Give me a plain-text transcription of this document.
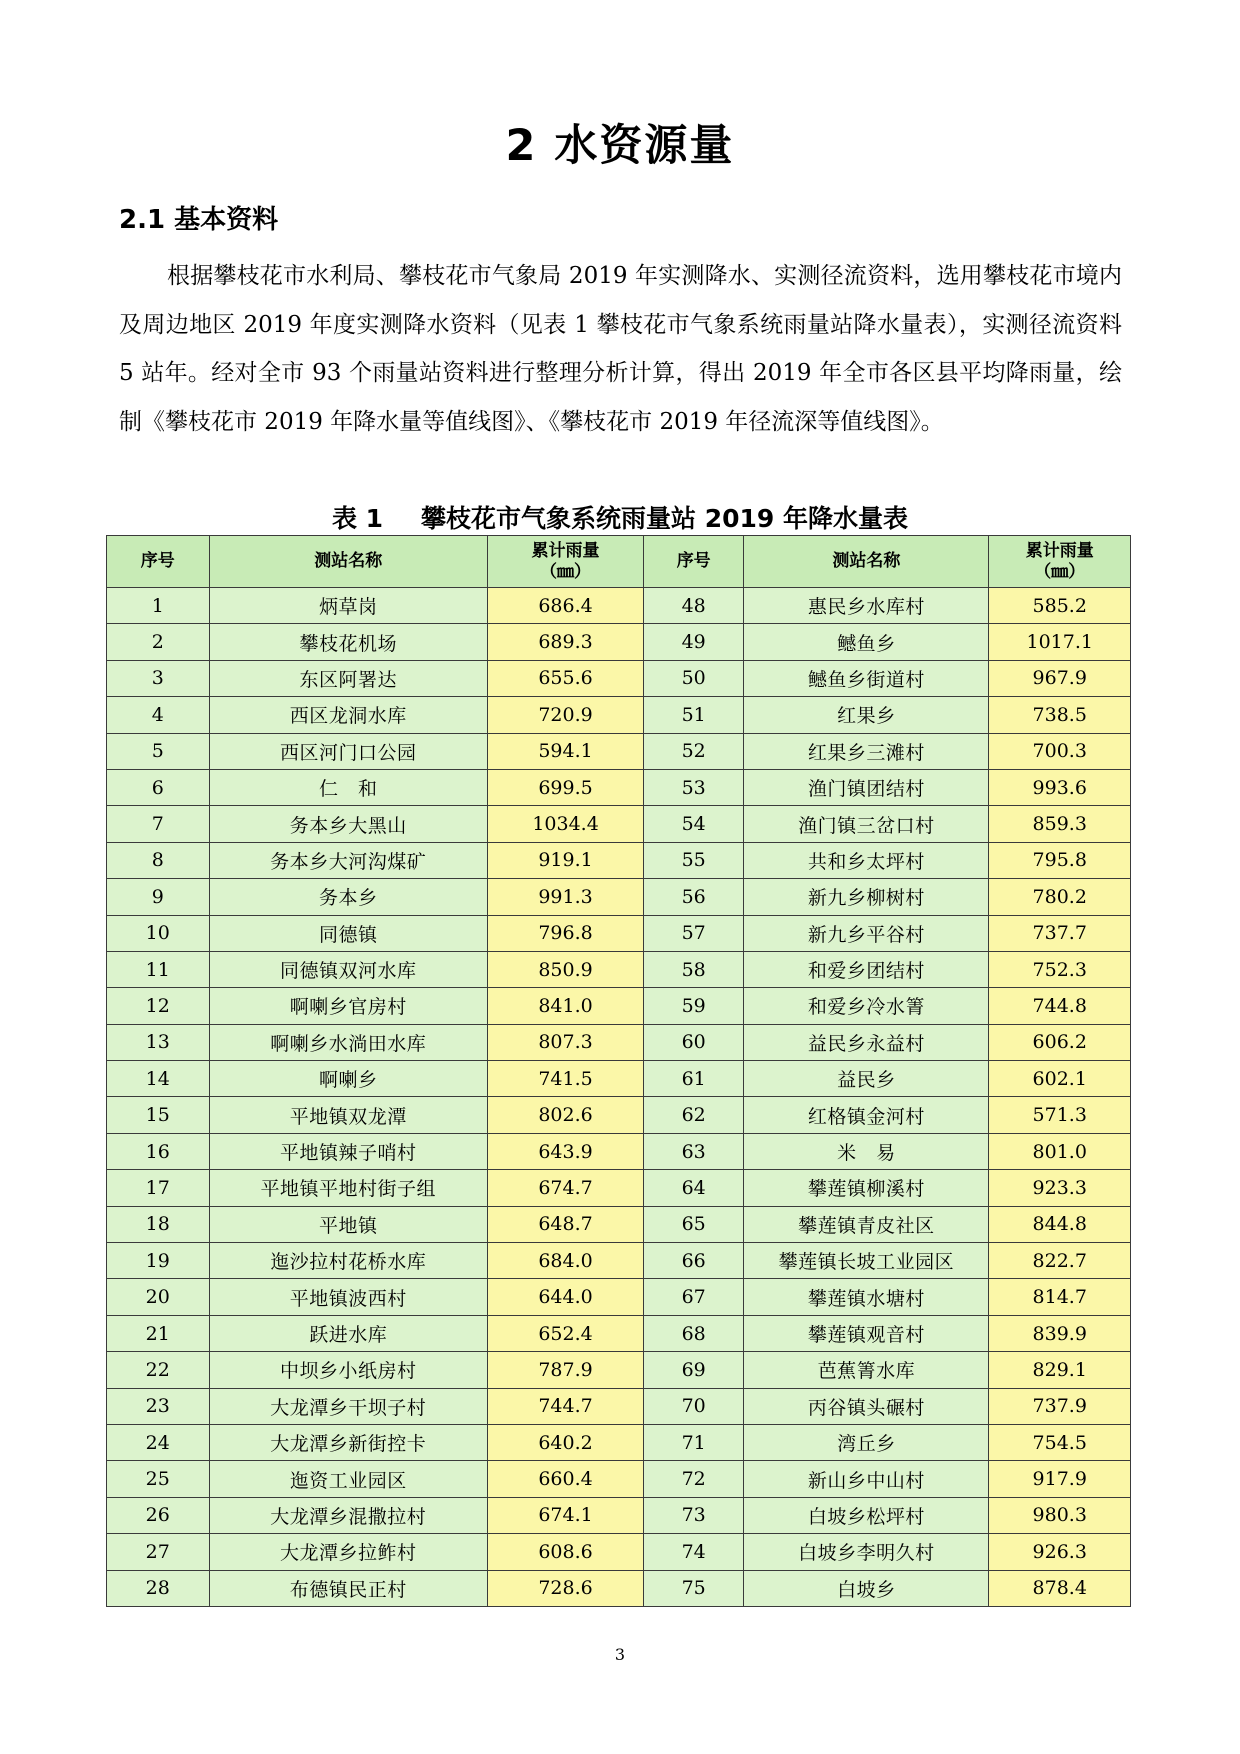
2 水资源量
2.1 基本资料

根据攀枝花市水利局、攀枝花市气象局 2019 年实测降水、实测径流资料，选用攀枝花市境内及周边地区 2019 年度实测降水资料（见表 1 攀枝花市气象系统雨量站降水量表），实测径流资料 5 站年。经对全市 93 个雨量站资料进行整理分析计算，得出 2019 年全市各区县平均降雨量，绘制《攀枝花市 2019 年降水量等值线图》、《攀枝花市 2019 年径流深等值线图》。

表 1 攀枝花市气象系统雨量站 2019 年降水量表
序号	测站名称	累计雨量
（㎜）	序号	测站名称	累计雨量
（㎜）
1	炳草岗	686.4	48	惠民乡水库村	585.2
2	攀枝花机场	689.3	49	鳡鱼乡	1017.1
3	东区阿署达	655.6	50	鳡鱼乡街道村	967.9
4	西区龙洞水库	720.9	51	红果乡	738.5
5	西区河门口公园	594.1	52	红果乡三滩村	700.3
6	仁　和	699.5	53	渔门镇团结村	993.6
7	务本乡大黑山	1034.4	54	渔门镇三岔口村	859.3
8	务本乡大河沟煤矿	919.1	55	共和乡太坪村	795.8
9	务本乡	991.3	56	新九乡柳树村	780.2
10	同德镇	796.8	57	新九乡平谷村	737.7
11	同德镇双河水库	850.9	58	和爱乡团结村	752.3
12	啊喇乡官房村	841.0	59	和爱乡冷水箐	744.8
13	啊喇乡水淌田水库	807.3	60	益民乡永益村	606.2
14	啊喇乡	741.5	61	益民乡	602.1
15	平地镇双龙潭	802.6	62	红格镇金河村	571.3
16	平地镇辣子哨村	643.9	63	米　易	801.0
17	平地镇平地村街子组	674.7	64	攀莲镇柳溪村	923.3
18	平地镇	648.7	65	攀莲镇青皮社区	844.8
19	迤沙拉村花桥水库	684.0	66	攀莲镇长坡工业园区	822.7
20	平地镇波西村	644.0	67	攀莲镇水塘村	814.7
21	跃进水库	652.4	68	攀莲镇观音村	839.9
22	中坝乡小纸房村	787.9	69	芭蕉箐水库	829.1
23	大龙潭乡干坝子村	744.7	70	丙谷镇头碾村	737.9
24	大龙潭乡新街控卡	640.2	71	湾丘乡	754.5
25	迤资工业园区	660.4	72	新山乡中山村	917.9
26	大龙潭乡混撒拉村	674.1	73	白坡乡松坪村	980.3
27	大龙潭乡拉鲊村	608.6	74	白坡乡李明久村	926.3
28	布德镇民正村	728.6	75	白坡乡	878.4
3
